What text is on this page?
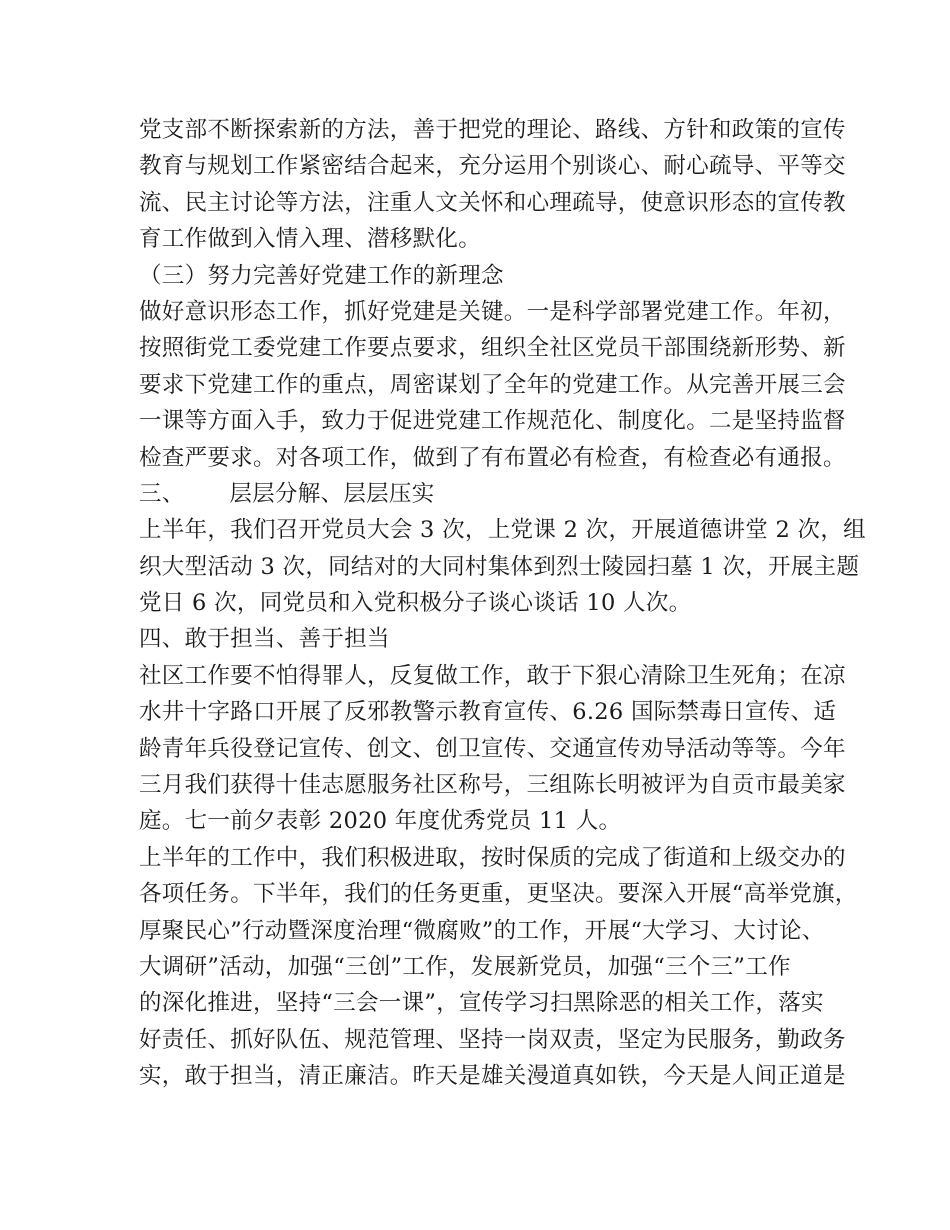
党支部不断探索新的方法，善于把党的理论、路线、方针和政策的宣传
教育与规划工作紧密结合起来，充分运用个别谈心、耐心疏导、平等交
流、民主讨论等方法，注重人文关怀和心理疏导，使意识形态的宣传教
育工作做到入情入理、潜移默化。
（三）努力完善好党建工作的新理念
做好意识形态工作，抓好党建是关键。一是科学部署党建工作。年初，
按照街党工委党建工作要点要求，组织全社区党员干部围绕新形势、新
要求下党建工作的重点，周密谋划了全年的党建工作。从完善开展三会
一课等方面入手，致力于促进党建工作规范化、制度化。二是坚持监督
检查严要求。对各项工作，做到了有布置必有检查，有检查必有通报。
三、      层层分解、层层压实
上半年，我们召开党员大会 3 次，上党课 2 次，开展道德讲堂 2 次，组
织大型活动 3 次，同结对的大同村集体到烈士陵园扫墓 1 次，开展主题
党日 6 次，同党员和入党积极分子谈心谈话 10 人次。
四、敢于担当、善于担当
社区工作要不怕得罪人，反复做工作，敢于下狠心清除卫生死角；在凉
水井十字路口开展了反邪教警示教育宣传、6.26 国际禁毒日宣传、适
龄青年兵役登记宣传、创文、创卫宣传、交通宣传劝导活动等等。今年
三月我们获得十佳志愿服务社区称号，三组陈长明被评为自贡市最美家
庭。七一前夕表彰 2020 年度优秀党员 11 人。
上半年的工作中，我们积极进取，按时保质的完成了街道和上级交办的
各项任务。下半年，我们的任务更重，更坚决。要深入开展“高举党旗，
厚聚民心”行动暨深度治理“微腐败”的工作，开展“大学习、大讨论、
大调研”活动，加强“三创”工作，发展新党员，加强“三个三”工作
的深化推进，坚持“三会一课”，宣传学习扫黑除恶的相关工作，落实
好责任、抓好队伍、规范管理、坚持一岗双责，坚定为民服务，勤政务
实，敢于担当，清正廉洁。昨天是雄关漫道真如铁，今天是人间正道是
